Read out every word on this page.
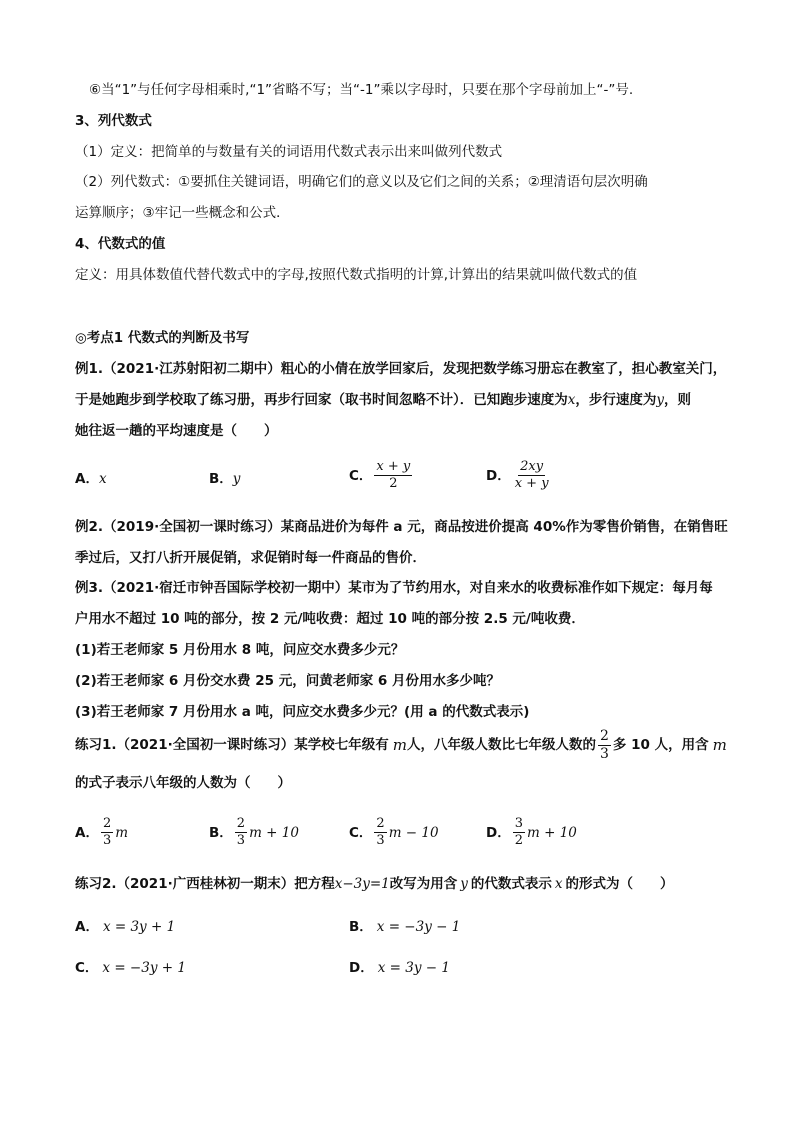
⑥当“1”与任何字母相乘时,“1”省略不写；当“-1”乘以字母时，只要在那个字母前加上“-”号.
3、列代数式
（1）定义：把简单的与数量有关的词语用代数式表示出来叫做列代数式
（2）列代数式：①要抓住关键词语，明确它们的意义以及它们之间的关系；②理清语句层次明确
运算顺序；③牢记一些概念和公式．
4、代数式的值
定义：用具体数值代替代数式中的字母,按照代数式指明的计算,计算出的结果就叫做代数式的值
◎考点1 代数式的判断及书写
例1.（2021·江苏射阳初二期中）粗心的小倩在放学回家后，发现把数学练习册忘在教室了，担心教室关门，
于是她跑步到学校取了练习册，再步行回家（取书时间忽略不计）．已知跑步速度为x，步行速度为y，则
她往返一趟的平均速度是（　　）
A．x	B．y	C． $\frac{x + y}{2}$	D． $\frac{2xy}{x + y}$
例2.（2019·全国初一课时练习）某商品进价为每件 a 元，商品按进价提高 40%作为零售价销售，在销售旺
季过后，又打八折开展促销，求促销时每一件商品的售价．
例3.（2021·宿迁市钟吾国际学校初一期中）某市为了节约用水，对自来水的收费标准作如下规定：每月每
户用水不超过 10 吨的部分，按 2 元/吨收费：超过 10 吨的部分按 2.5 元/吨收费．
(1)若王老师家 5 月份用水 8 吨，问应交水费多少元？
(2)若王老师家 6 月份交水费 25 元，问黄老师家 6 月份用水多少吨？
(3)若王老师家 7 月份用水 a 吨，问应交水费多少元？(用 a 的代数式表示)
练习1.（2021·全国初一课时练习）某学校七年级有 m 人，八年级人数比七年级人数的 $\frac{2}{3}$ 多 10 人，用含 m
的式子表示八年级的人数为（　　）
A． $\frac{2}{3}$ m	B． $\frac{2}{3}$ m + 10	C． $\frac{2}{3}$ m − 10	D． $\frac{3}{2}$ m + 10
练习2.（2021·广西桂林初一期末）把方程x−3y=1改写为用含 y 的代数式表示 x 的形式为（　　）
A． x = 3y + 1	B． x = −3y − 1
C． x = −3y + 1	D． x = 3y − 1
